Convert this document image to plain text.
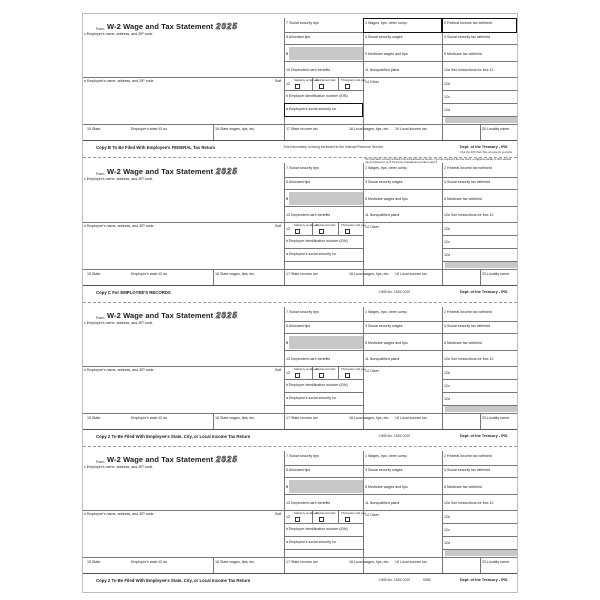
Form W-2 Wage and Tax Statement 2025
c Employer's name, address, and ZIP code
e Employee's name, address, and ZIP code	Suff.
7 Social security tips
8 Allocated tips
9
10 Dependent care benefits
13
Statutory employee
Retirement plan Third-party sick pay
b Employer identification number (EIN)
a Employee's social security no.
1 Wages, tips, other comp.
3 Social security wages
5 Medicare wages and tips
11 Nonqualified plans
14 Other
2 Federal income tax withheld
4 Social security tax withheld
6 Medicare tax withheld
12a See instructions for box 12
12b
12c
12d
15 State	Employer's state ID no.	16 State wages, tips, etc.	17 State income tax	18 Local wages, tips, etc. 19 Local income tax	20 Locality name
Copy B To Be Filed With Employee's FEDERAL Tax Return	This information is being furnished to the Internal Revenue Service.	Dept. of the Treasury - IRS
Visit the IRS Web Site at www.irs.gov/efile
Form W-2 Wage and Tax Statement 2025
c Employer's name, address, and ZIP code
e Employee's name, address, and ZIP code	Suff.
7 Social security tips
8 Allocated tips
9
10 Dependent care benefits
13
Statutory employee
Retirement plan Third-party sick pay
b Employer identification number (EIN)
a Employee's social security no.
1 Wages, tips, other comp.
3 Social security wages
5 Medicare wages and tips
11 Nonqualified plans
14 Other
2 Federal income tax withheld
4 Social security tax withheld
6 Medicare tax withheld
12a See instructions for box 12
12b
12c
12d
15 State	Employer's state ID no.	16 State wages, tips, etc.	17 State income tax	18 Local wages, tips, etc. 19 Local income tax	20 Locality name
Copy C For EMPLOYEE'S RECORDS	OMB No. 1545-0029	Dept. of the Treasury - IRS
This information is being furnished to the Internal Revenue Service. If you are required to file a tax return, a negligence penalty or other sanction may be imposed on you if this income is taxable and you fail to report it.
Form W-2 Wage and Tax Statement 2025
c Employer's name, address, and ZIP code
e Employee's name, address, and ZIP code	Suff.
7 Social security tips
8 Allocated tips
9
10 Dependent care benefits
13
Statutory employee
Retirement plan Third-party sick pay
b Employer identification number (EIN)
a Employee's social security no.
1 Wages, tips, other comp.
3 Social security wages
5 Medicare wages and tips
11 Nonqualified plans
14 Other
2 Federal income tax withheld
4 Social security tax withheld
6 Medicare tax withheld
12a See instructions for box 12
12b
12c
12d
15 State	Employer's state ID no.	16 State wages, tips, etc.	17 State income tax	18 Local wages, tips, etc. 19 Local income tax	20 Locality name
Copy 2 To Be Filed With Employee's State, City, or Local Income Tax Return	OMB No. 1545-0029	Dept. of the Treasury - IRS
Form W-2 Wage and Tax Statement 2025
c Employer's name, address, and ZIP code
e Employee's name, address, and ZIP code	Suff.
7 Social security tips
8 Allocated tips
9
10 Dependent care benefits
13
Statutory employee
Retirement plan Third-party sick pay
b Employer identification number (EIN)
a Employee's social security no.
1 Wages, tips, other comp.
3 Social security wages
5 Medicare wages and tips
11 Nonqualified plans
14 Other
2 Federal income tax withheld
4 Social security tax withheld
6 Medicare tax withheld
12a See instructions for box 12
12b
12c
12d
15 State	Employer's state ID no.	16 State wages, tips, etc.	17 State income tax	18 Local wages, tips, etc. 19 Local income tax	20 Locality name
Copy 2 To Be Filed With Employee's State, City, or Local Income Tax Return	OMB No. 1545-0029	Dept. of the Treasury - IRS
5558
